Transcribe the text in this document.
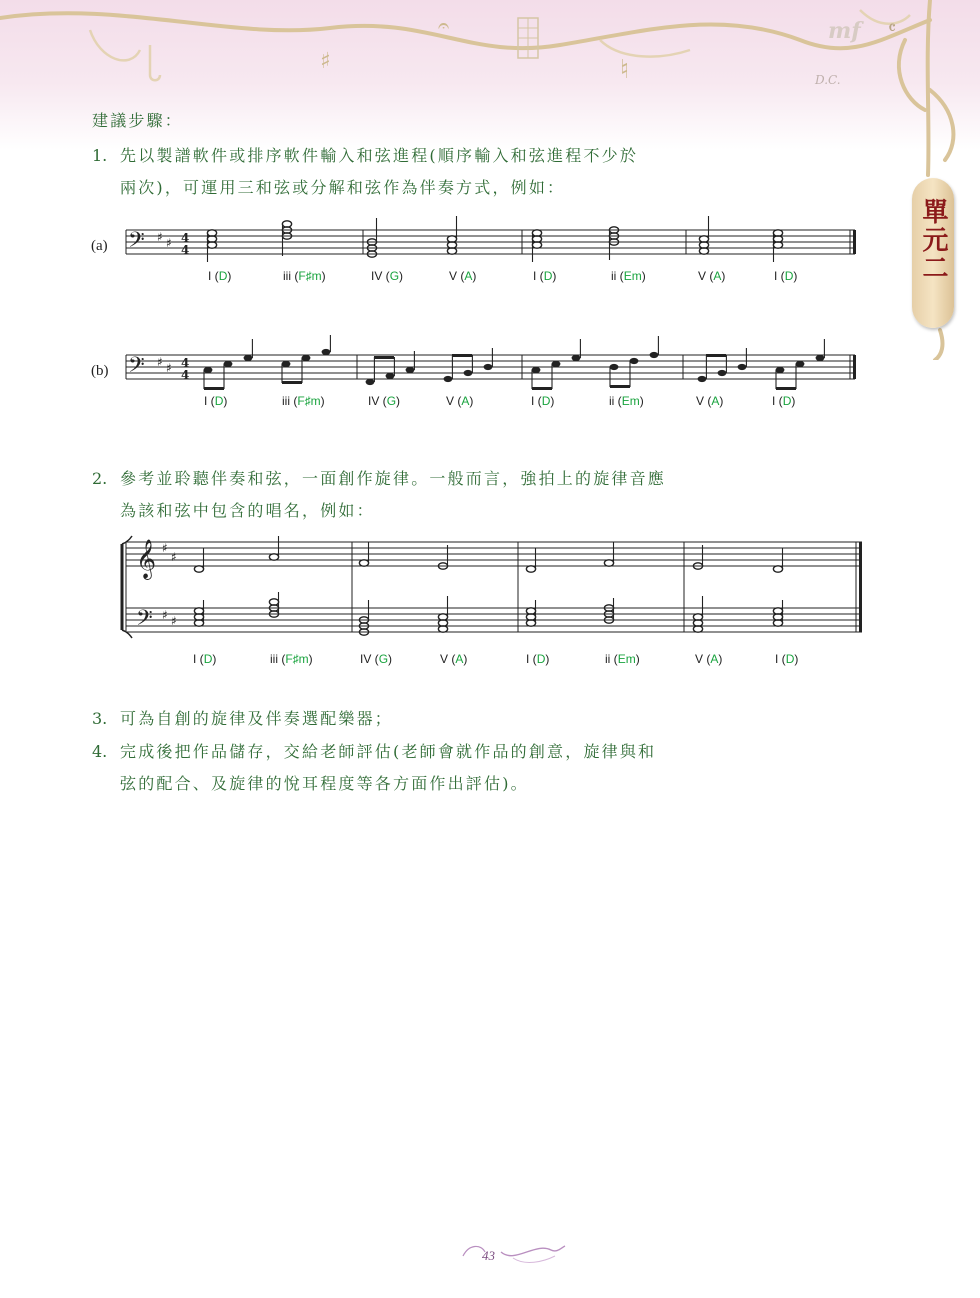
♯	♮
𝄐	mf
D.C.
𝄴
單元二
建議步驟：
1. 先以製譜軟件或排序軟件輸入和弦進程(順序輸入和弦進程不少於
兩次)，可運用三和弦或分解和弦作為伴奏方式，例如：
(a) 𝄢 ♯ ♯ 4
4
I (D)	iii (F♯m)	IV (G)	V (A)	I (D)	ii (Em)	V (A)	I (D)
(b) 𝄢 ♯ ♯ 4
4
I (D)	iii (F♯m)	IV (G)	V (A)	I (D)	ii (Em)	V (A)	I (D)
2. 參考並聆聽伴奏和弦，一面創作旋律。一般而言，強拍上的旋律音應
為該和弦中包含的唱名，例如：
𝄞 ♯
♯
𝄢 ♯ ♯
I (D)	iii (F♯m)	IV (G)	V (A)	I (D)	ii (Em)	V (A)	I (D)
3. 可為自創的旋律及伴奏選配樂器；
4. 完成後把作品儲存，交給老師評估(老師會就作品的創意，旋律與和
弦的配合、及旋律的悅耳程度等各方面作出評估)。
43
